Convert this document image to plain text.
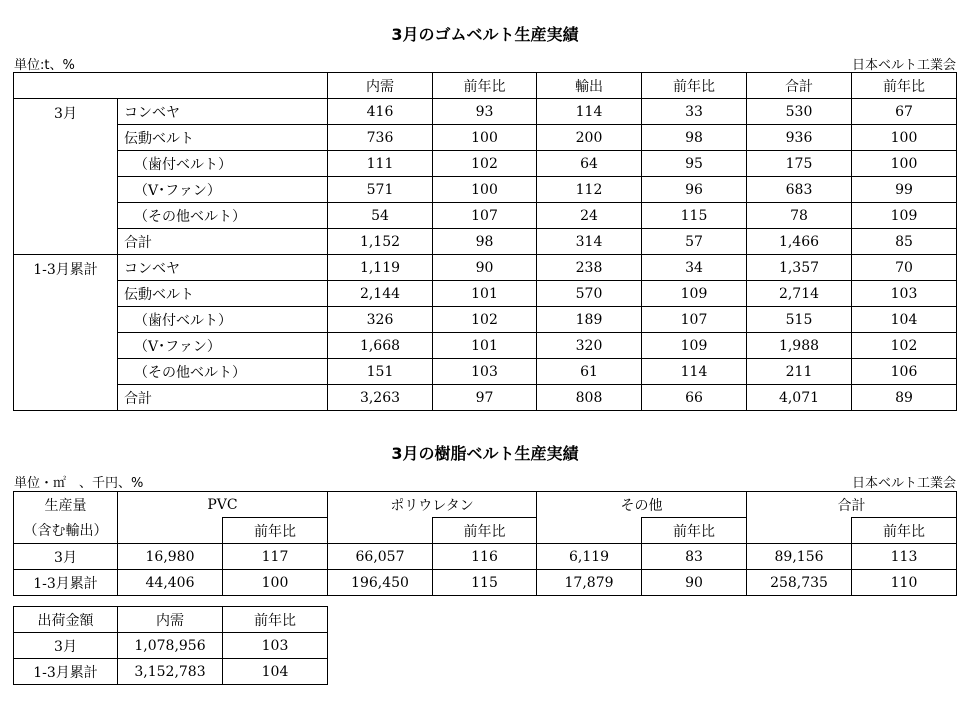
3月のゴムベルト生産実績
単位:t、%	日本ベルト工業会
		内需	前年比	輸出	前年比	合計	前年比
3月	コンベヤ	416	93	114	33	530	67
	伝動ベルト	736	100	200	98	936	100
	（歯付ベルト）	111	102	64	95	175	100
	（V･ファン）	571	100	112	96	683	99
	（その他ベルト）	54	107	24	115	78	109
	合計	1,152	98	314	57	1,466	85
1-3月累計	コンベヤ	1,119	90	238	34	1,357	70
	伝動ベルト	2,144	101	570	109	2,714	103
	（歯付ベルト）	326	102	189	107	515	104
	（V･ファン）	1,668	101	320	109	1,988	102
	（その他ベルト）	151	103	61	114	211	106
	合計	3,263	97	808	66	4,071	89
3月の樹脂ベルト生産実績
単位・㎡　、千円、%	日本ベルト工業会
生産量	PVC		ポリウレタン		その他		合計	
（含む輸出）		前年比		前年比		前年比		前年比
3月	16,980	117	66,057	116	6,119	83	89,156	113
1-3月累計	44,406	100	196,450	115	17,879	90	258,735	110
出荷金額	内需	前年比
3月	1,078,956	103
1-3月累計	3,152,783	104
